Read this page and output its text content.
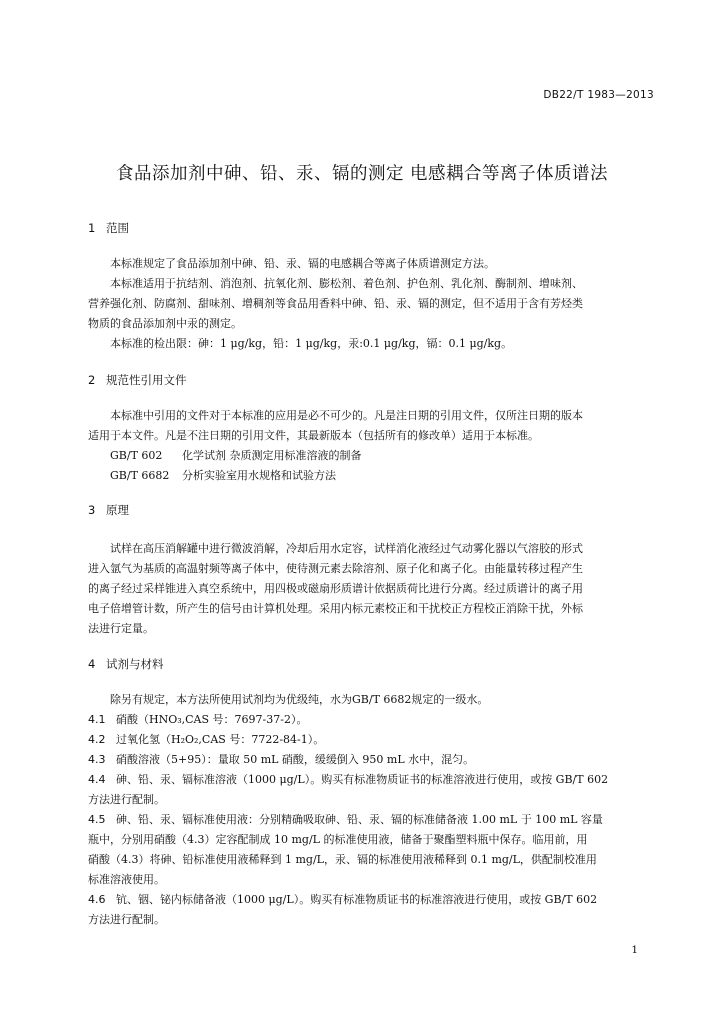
DB22/T 1983—2013
食品添加剂中砷、铅、汞、镉的测定 电感耦合等离子体质谱法
1 范围
本标准规定了食品添加剂中砷、铅、汞、镉的电感耦合等离子体质谱测定方法。
本标准适用于抗结剂、消泡剂、抗氧化剂、膨松剂、着色剂、护色剂、乳化剂、酶制剂、增味剂、
营养强化剂、防腐剂、甜味剂、增稠剂等食品用香料中砷、铅、汞、镉的测定，但不适用于含有芳烃类
物质的食品添加剂中汞的测定。
本标准的检出限：砷：1 μg/kg，铅：1 μg/kg，汞:0.1 μg/kg，镉：0.1 μg/kg。
2 规范性引用文件
本标准中引用的文件对于本标准的应用是必不可少的。凡是注日期的引用文件，仅所注日期的版本
适用于本文件。凡是不注日期的引用文件，其最新版本（包括所有的修改单）适用于本标准。
GB/T 602 化学试剂 杂质测定用标准溶液的制备
GB/T 6682 分析实验室用水规格和试验方法
3 原理
试样在高压消解罐中进行微波消解，冷却后用水定容，试样消化液经过气动雾化器以气溶胶的形式
进入氩气为基质的高温射频等离子体中，使待测元素去除溶剂、原子化和离子化。由能量转移过程产生
的离子经过采样锥进入真空系统中，用四极或磁扇形质谱计依据质荷比进行分离。经过质谱计的离子用
电子倍增管计数，所产生的信号由计算机处理。采用内标元素校正和干扰校正方程校正消除干扰，外标
法进行定量。
4 试剂与材料
除另有规定，本方法所使用试剂均为优级纯，水为GB/T 6682规定的一级水。
4.1 硝酸（HNO₃,CAS 号：7697-37-2）。
4.2 过氧化氢（H₂O₂,CAS 号：7722-84-1）。
4.3 硝酸溶液（5+95）：量取 50 mL 硝酸，缓缓倒入 950 mL 水中，混匀。
4.4 砷、铅、汞、镉标准溶液（1000 μg/L）。购买有标准物质证书的标准溶液进行使用，或按 GB/T 602
方法进行配制。
4.5 砷、铅、汞、镉标准使用液：分别精确吸取砷、铅、汞、镉的标准储备液 1.00 mL 于 100 mL 容量
瓶中，分别用硝酸（4.3）定容配制成 10 mg/L 的标准使用液，储备于聚酯塑料瓶中保存。临用前，用
硝酸（4.3）将砷、铅标准使用液稀释到 1 mg/L，汞、镉的标准使用液稀释到 0.1 mg/L，供配制校准用
标准溶液使用。
4.6 钪、铟、铋内标储备液（1000 μg/L）。购买有标准物质证书的标准溶液进行使用，或按 GB/T 602
方法进行配制。
1
